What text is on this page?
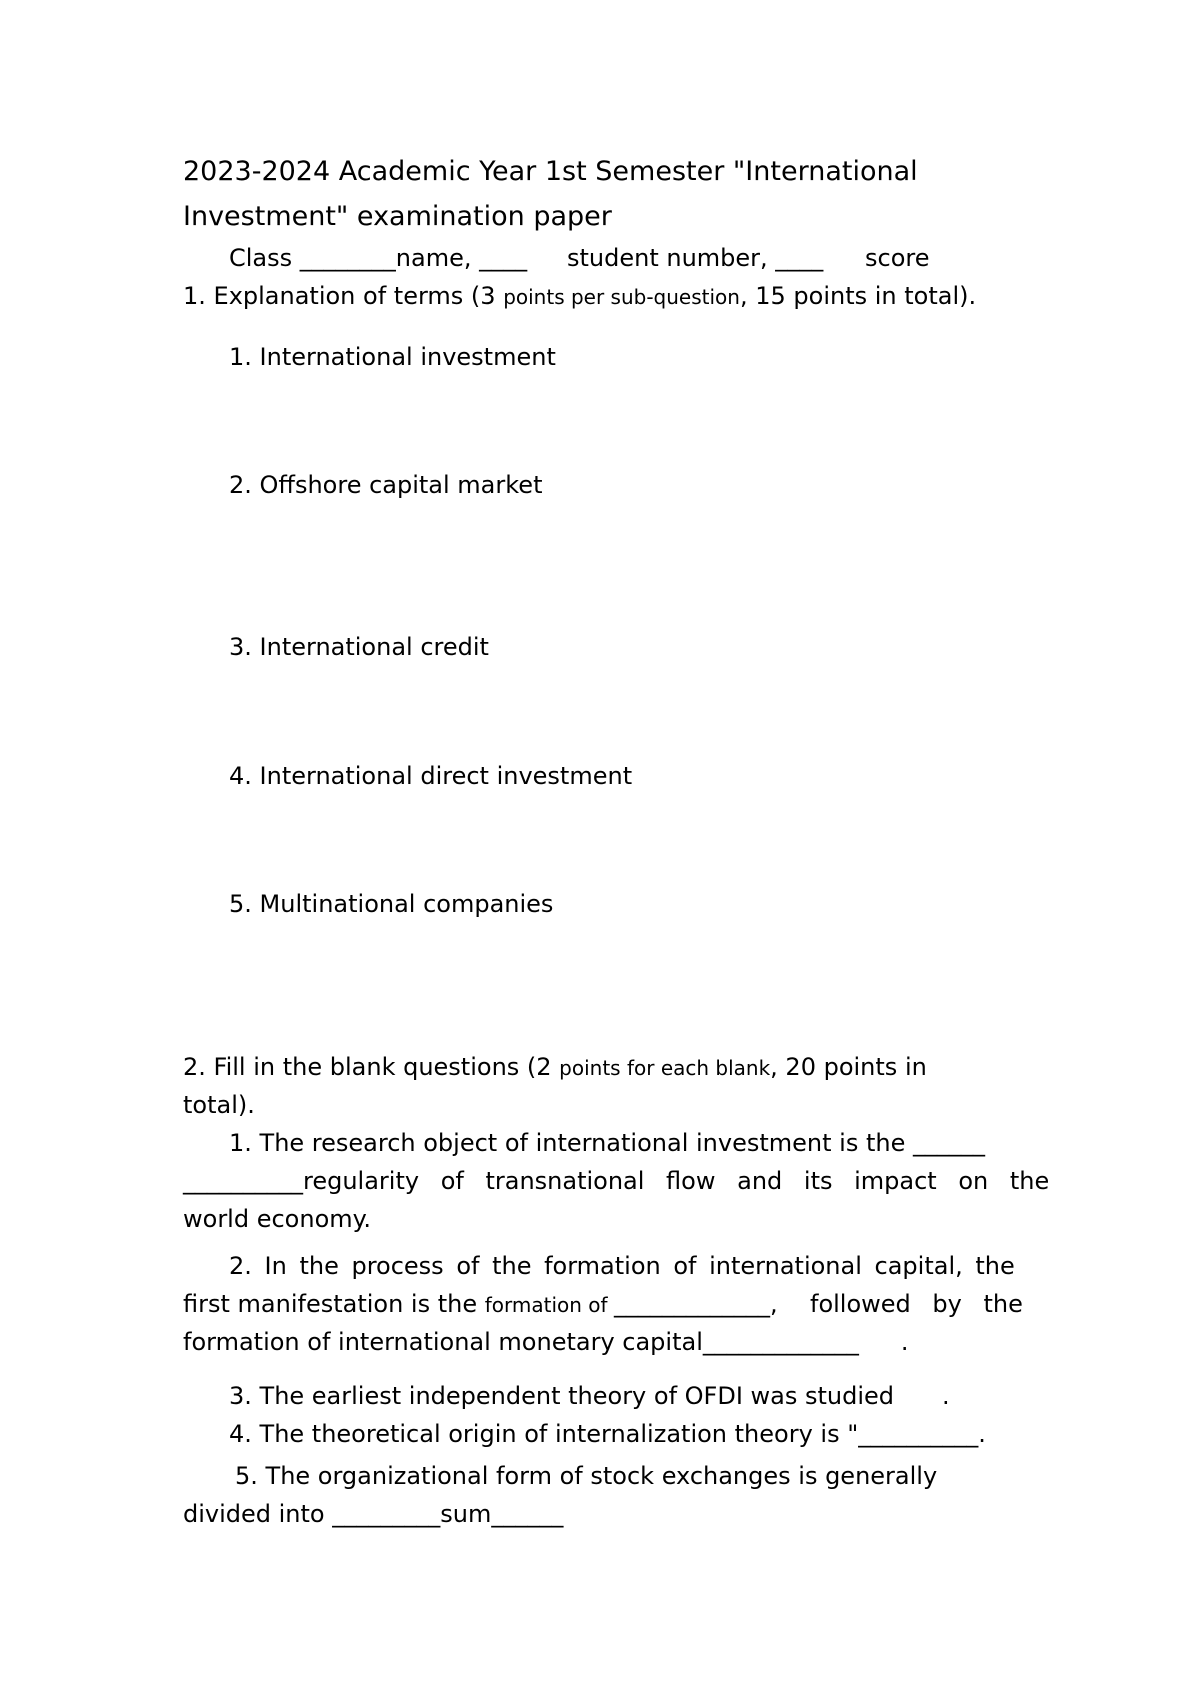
2023-2024 Academic Year 1st Semester "International
Investment" examination paper
Class ________name, ____ student number, ____ score
1. Explanation of terms (3 points per sub-question, 15 points in total).
1. International investment
2. Offshore capital market
3. International credit
4. International direct investment
5. Multinational companies
2. Fill in the blank questions (2 points for each blank, 20 points in
total).
1. The research object of international investment is the ______
__________regularity of transnational flow and its impact on the
world economy.
2. In the process of the formation of international capital, the
first manifestation is the formation of _____________, followed by the
formation of international monetary capital_____________ .
3. The earliest independent theory of OFDI was studied .
4. The theoretical origin of internalization theory is "__________.
5. The organizational form of stock exchanges is generally
divided into _________sum______
